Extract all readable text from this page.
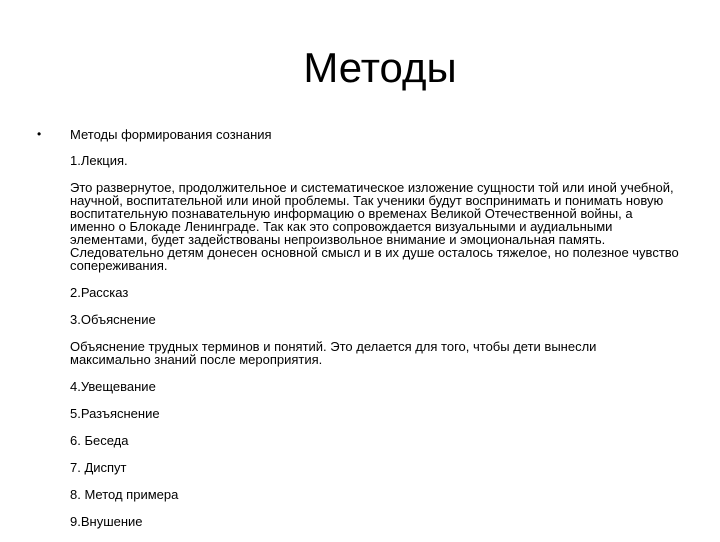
Методы
• Методы формирования сознания

1.Лекция.

Это развернутое, продолжительное и систематическое изложение сущности той или иной учебной, научной, воспитательной или иной проблемы. Так ученики будут воспринимать и понимать новую воспитательную познавательную информацию о временах Великой Отечественной войны, а именно о Блокаде Ленинграде. Так как это сопровождается визуальными и аудиальными элементами, будет задействованы непроизвольное внимание и эмоциональная память. Следовательно детям донесен основной смысл и в их душе осталось тяжелое, но полезное чувство сопереживания.

2.Рассказ

3.Объяснение

Объяснение трудных терминов и понятий. Это делается для того, чтобы дети вынесли максимально знаний после мероприятия.

4.Увещевание

5.Разъяснение

6. Беседа

7. Диспут

8. Метод примера

9.Внушение
